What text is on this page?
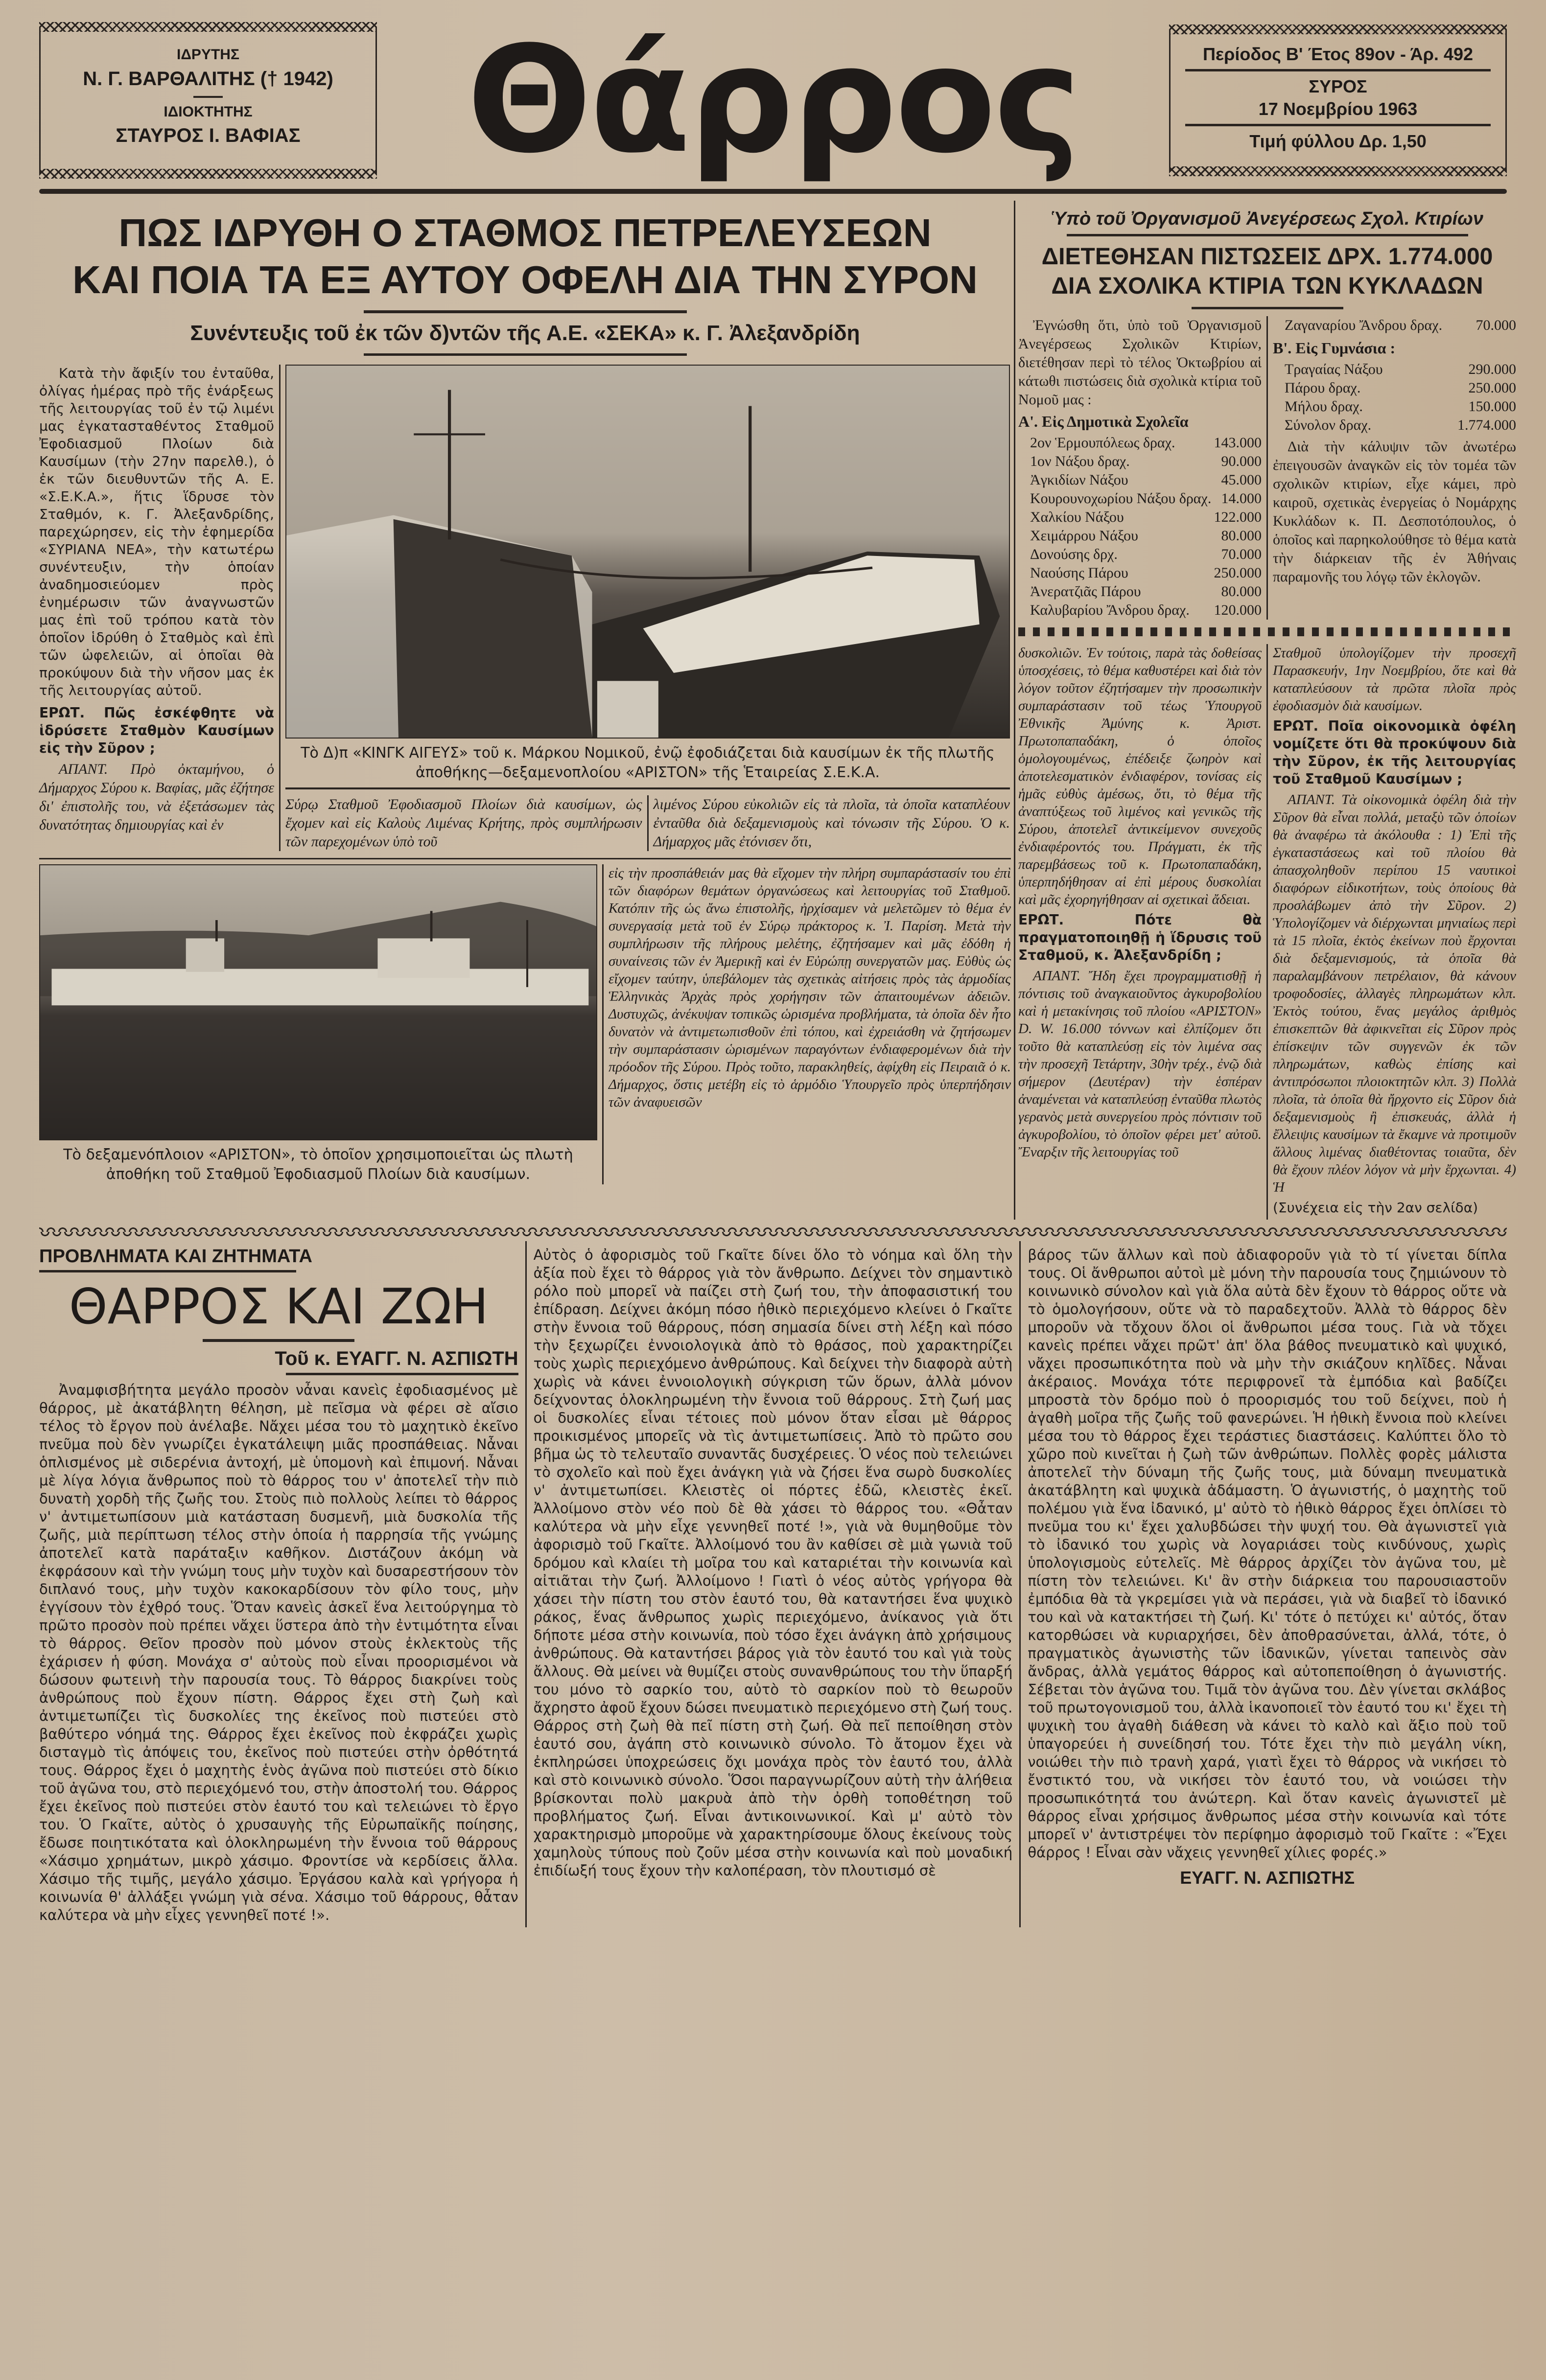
ΙΔΡΥΤΗΣ
Ν. Γ. ΒΑΡΘΑΛΙΤΗΣ († 1942)
ΙΔΙΟΚΤΗΤΗΣ
ΣΤΑΥΡΟΣ Ι. ΒΑΦΙΑΣ	Θάρρος	Περίοδος Β' Έτος 89ον - Άρ. 492
ΣΥΡΟΣ
17 Νοεμβρίου 1963
Τιμή φύλλου Δρ. 1,50
ΠΩΣ ΙΔΡΥΘΗ Ο ΣΤΑΘΜΟΣ ΠΕΤΡΕΛΕΥΣΕΩΝ
ΚΑΙ ΠΟΙΑ ΤΑ ΕΞ ΑΥΤΟΥ ΟΦΕΛΗ ΔΙΑ ΤΗΝ ΣΥΡΟΝ
Συνέντευξις τοῦ ἐκ τῶν δ)ντῶν τῆς Α.Ε. «ΣΕΚΑ» κ. Γ. Ἀλεξανδρίδη

Κατὰ τὴν ἄφιξίν του ἐνταῦθα, ὀλίγας ἡμέρας πρὸ τῆς ἐνάρξεως τῆς λειτουργίας τοῦ ἐν τῷ λιμένι μας ἐγκατασταθέντος Σταθμοῦ Ἐφοδιασμοῦ Πλοίων διὰ Καυσίμων (τὴν 27ην παρελθ.), ὁ ἐκ τῶν διευθυντῶν τῆς Α. Ε. «Σ.Ε.Κ.Α.», ἥτις ἵδρυσε τὸν Σταθμόν, κ. Γ. Ἀλεξανδρίδης, παρεχώρησεν, εἰς τὴν ἐφημερίδα «ΣΥΡΙΑΝΑ ΝΕΑ», τὴν κατωτέρω συνέντευξιν, τὴν ὁποίαν ἀναδημοσιεύομεν πρὸς ἐνημέρωσιν τῶν ἀναγνωστῶν μας ἐπὶ τοῦ τρόπου κατὰ τὸν ὁποῖον ἱδρύθη ὁ Σταθμὸς καὶ ἐπὶ τῶν ὠφελειῶν, αἱ ὁποῖαι θὰ προκύψουν διὰ τὴν νῆσον μας ἐκ τῆς λειτουργίας αὐτοῦ.

ΕΡΩΤ. Πῶς ἐσκέφθητε νὰ ἱδρύσετε Σταθμὸν Καυσίμων εἰς τὴν Σῦρον ;

ΑΠΑΝΤ. Πρὸ ὀκταμήνου, ὁ Δήμαρχος Σύρου κ. Βαφίας, μᾶς ἐζήτησε δι' ἐπιστολῆς του, νὰ ἐξετάσωμεν τὰς δυνατότητας δημιουργίας καὶ ἐν

Τὸ Δ)π «ΚΙΝΓΚ ΑΙΓΕΥΣ» τοῦ κ. Μάρκου Νομικοῦ, ἐνῷ ἐφοδιάζεται διὰ καυσίμων ἐκ τῆς πλωτῆς ἀποθήκης—δεξαμενοπλοίου «ΑΡΙΣΤΟΝ» τῆς Ἑταιρείας Σ.Ε.Κ.Α.
Σύρῳ Σταθμοῦ Ἐφοδιασμοῦ Πλοίων διὰ καυσίμων, ὡς ἔχομεν καὶ εἰς Καλοὺς Λιμένας Κρήτης, πρὸς συμπλήρωσιν τῶν παρεχομένων ὑπὸ τοῦ
λιμένος Σύρου εὐκολιῶν εἰς τὰ πλοῖα, τὰ ὁποῖα καταπλέουν ἐνταῦθα διὰ δεξαμενισμοὺς καὶ τόνωσιν τῆς Σύρου. Ὁ κ. Δήμαρχος μᾶς ἐτόνισεν ὅτι,
Τὸ δεξαμενόπλοιον «ΑΡΙΣΤΟΝ», τὸ ὁποῖον χρησιμοποιεῖται ὡς πλωτὴ ἀποθήκη τοῦ Σταθμοῦ Ἐφοδιασμοῦ Πλοίων διὰ καυσίμων.
εἰς τὴν προσπάθειάν μας θὰ εἴχομεν τὴν πλήρη συμπαράστασίν του ἐπὶ τῶν διαφόρων θεμάτων ὀργανώσεως καὶ λειτουργίας τοῦ Σταθμοῦ. Κατόπιν τῆς ὡς ἄνω ἐπιστολῆς, ἠρχίσαμεν νὰ μελετῶμεν τὸ θέμα ἐν συνεργασίᾳ μετὰ τοῦ ἐν Σύρῳ πράκτορος κ. Ἰ. Παρίση. Μετὰ τὴν συμπλήρωσιν τῆς πλήρους μελέτης, ἐζητήσαμεν καὶ μᾶς ἐδόθη ἡ συναίνεσις τῶν ἐν Ἀμερικῇ καὶ ἐν Εὐρώπῃ συνεργατῶν μας. Εὐθὺς ὡς εἴχομεν ταύτην, ὑπεβάλομεν τὰς σχετικὰς αἰτήσεις πρὸς τὰς ἁρμοδίας Ἑλληνικὰς Ἀρχὰς πρὸς χορήγησιν τῶν ἀπαιτουμένων ἀδειῶν. Δυστυχῶς, ἀνέκυψαν τοπικῶς ὡρισμένα προβλήματα, τὰ ὁποῖα δὲν ἦτο δυνατὸν νὰ ἀντιμετωπισθοῦν ἐπὶ τόπου, καὶ ἐχρειάσθη νὰ ζητήσωμεν τὴν συμπαράστασιν ὡρισμένων παραγόντων ἐνδιαφερομένων διὰ τὴν πρόοδον τῆς Σύρου. Πρὸς τοῦτο, παρακληθείς, ἀφίχθη εἰς Πειραιᾶ ὁ κ. Δήμαρχος, ὅστις μετέβη εἰς τὸ ἁρμόδιο Ὑπουργεῖο πρὸς ὑπερπήδησιν τῶν ἀναφυεισῶν
Ὑπὸ τοῦ Ὀργανισμοῦ Ἀνεγέρσεως Σχολ. Κτιρίων
ΔΙΕΤΕΘΗΣΑΝ ΠΙΣΤΩΣΕΙΣ ΔΡΧ. 1.774.000
ΔΙΑ ΣΧΟΛΙΚΑ ΚΤΙΡΙΑ ΤΩΝ ΚΥΚΛΑΔΩΝ

Ἐγνώσθη ὅτι, ὑπὸ τοῦ Ὀργανισμοῦ Ἀνεγέρσεως Σχολικῶν Κτιρίων, διετέθησαν περὶ τὸ τέλος Ὀκτωβρίου αἱ κάτωθι πιστώσεις διὰ σχολικὰ κτίρια τοῦ Νομοῦ μας :

Α'. Εἰς Δημοτικὰ Σχολεῖα

2ον Ἑρμουπόλεως δραχ.	143.000
1ον Νάξου δραχ.	90.000
Ἀγκιδίων Νάξου	45.000
Κουρουνοχωρίου Νάξου δραχ. 14.000
Χαλκίου Νάξου	122.000
Χειμάρρου Νάξου	80.000
Δονούσης δρχ.	70.000
Ναούσης Πάρου	250.000
Ἀνερατζιᾶς Πάρου	80.000
Καλυβαρίου Ἄνδρου δραχ. 120.000
Ζαγαναρίου Ἄνδρου δραχ. 70.000

Β'. Εἰς Γυμνάσια :

Τραγαίας Νάξου	290.000
Πάρου δραχ.	250.000
Μήλου δραχ.	150.000
Σύνολον δραχ.	1.774.000

Διὰ τὴν κάλυψιν τῶν ἀνωτέρω ἐπειγουσῶν ἀναγκῶν εἰς τὸν τομέα τῶν σχολικῶν κτιρίων, εἶχε κάμει, πρὸ καιροῦ, σχετικὰς ἐνεργείας ὁ Νομάρχης Κυκλάδων κ. Π. Δεσποτόπουλος, ὁ ὁποῖος καὶ παρηκολούθησε τὸ θέμα κατὰ τὴν διάρκειαν τῆς ἐν Ἀθήναις παραμονῆς του λόγῳ τῶν ἐκλογῶν.

δυσκολιῶν. Ἐν τούτοις, παρὰ τὰς δοθείσας ὑποσχέσεις, τὸ θέμα καθυστέρει καὶ διὰ τὸν λόγον τοῦτον ἐζητήσαμεν τὴν προσωπικὴν συμπαράστασιν τοῦ τέως Ὑπουργοῦ Ἐθνικῆς Ἀμύνης κ. Ἀριστ. Πρωτοπαπαδάκη, ὁ ὁποῖος ὁμολογουμένως, ἐπέδειξε ζωηρὸν καὶ ἀποτελεσματικὸν ἐνδιαφέρον, τονίσας εἰς ἡμᾶς εὐθὺς ἀμέσως, ὅτι, τὸ θέμα τῆς ἀναπτύξεως τοῦ λιμένος καὶ γενικῶς τῆς Σύρου, ἀποτελεῖ ἀντικείμενον συνεχοῦς ἐνδιαφέροντός του. Πράγματι, ἐκ τῆς παρεμβάσεως τοῦ κ. Πρωτοπαπαδάκη, ὑπερπηδήθησαν αἱ ἐπὶ μέρους δυσκολίαι καὶ μᾶς ἐχορηγήθησαν αἱ σχετικαὶ ἄδειαι.

ΕΡΩΤ. Πότε θὰ πραγματοποιηθῇ ἡ ἵδρυσις τοῦ Σταθμοῦ, κ. Ἀλεξανδρίδη ;

ΑΠΑΝΤ. Ἤδη ἔχει προγραμματισθῇ ἡ πόντισις τοῦ ἀναγκαιοῦντος ἀγκυροβολίου καὶ ἡ μετακίνησις τοῦ πλοίου «ΑΡΙΣΤΟΝ» D. W. 16.000 τόννων καὶ ἐλπίζομεν ὅτι τοῦτο θὰ καταπλεύσῃ εἰς τὸν λιμένα σας τὴν προσεχῆ Τετάρτην, 30ὴν τρέχ., ἐνῷ διὰ σήμερον (Δευτέραν) τὴν ἑσπέραν ἀναμένεται νὰ καταπλεύσῃ ἐνταῦθα πλωτὸς γερανὸς μετὰ συνεργείου πρὸς πόντισιν τοῦ ἀγκυροβολίου, τὸ ὁποῖον φέρει μετ' αὐτοῦ. Ἔναρξιν τῆς λειτουργίας τοῦ

Σταθμοῦ ὑπολογίζομεν τὴν προσεχῆ Παρασκευήν, 1ην Νοεμβρίου, ὅτε καὶ θὰ καταπλεύσουν τὰ πρῶτα πλοῖα πρὸς ἐφοδιασμὸν διὰ καυσίμων.

ΕΡΩΤ. Ποῖα οἰκονομικὰ ὀφέλη νομίζετε ὅτι θὰ προκύψουν διὰ τὴν Σῦρον, ἐκ τῆς λειτουργίας τοῦ Σταθμοῦ Καυσίμων ;

ΑΠΑΝΤ. Τὰ οἰκονομικὰ ὀφέλη διὰ τὴν Σῦρον θὰ εἶναι πολλά, μεταξὺ τῶν ὁποίων θὰ ἀναφέρω τὰ ἀκόλουθα : 1) Ἐπὶ τῆς ἐγκαταστάσεως καὶ τοῦ πλοίου θὰ ἀπασχοληθοῦν περίπου 15 ναυτικοὶ διαφόρων εἰδικοτήτων, τοὺς ὁποίους θὰ προσλάβωμεν ἀπὸ τὴν Σῦρον. 2) Ὑπολογίζομεν νὰ διέρχωνται μηνιαίως περὶ τὰ 15 πλοῖα, ἐκτὸς ἐκείνων ποὺ ἔρχονται διὰ δεξαμενισμούς, τὰ ὁποῖα θὰ παραλαμβάνουν πετρέλαιον, θὰ κάνουν τροφοδοσίες, ἀλλαγὲς πληρωμάτων κλπ. Ἐκτὸς τούτου, ἕνας μεγάλος ἀριθμὸς ἐπισκεπτῶν θὰ ἀφικνεῖται εἰς Σῦρον πρὸς ἐπίσκεψιν τῶν συγγενῶν ἐκ τῶν πληρωμάτων, καθὼς ἐπίσης καὶ ἀντιπρόσωποι πλοιοκτητῶν κλπ. 3) Πολλὰ πλοῖα, τὰ ὁποῖα θὰ ἤρχοντο εἰς Σῦρον διὰ δεξαμενισμοὺς ἢ ἐπισκευάς, ἀλλὰ ἡ ἔλλειψις καυσίμων τὰ ἔκαμνε νὰ προτιμοῦν ἄλλους λιμένας διαθέτοντας τοιαῦτα, δὲν θὰ ἔχουν πλέον λόγον νὰ μὴν ἔρχωνται. 4) Ἡ

(Συνέχεια εἰς τὴν 2αν σελίδα)

ΠΡΟΒΛΗΜΑΤΑ ΚΑΙ ΖΗΤΗΜΑΤΑ
ΘΑΡΡΟΣ ΚΑΙ ΖΩΗ
Τοῦ κ. ΕΥΑΓΓ. Ν. ΑΣΠΙΩΤΗ

Ἀναμφισβήτητα μεγάλο προσὸν νἆναι κανεὶς ἐφοδιασμένος μὲ θάρρος, μὲ ἀκατάβλητη θέληση, μὲ πεῖσμα νὰ φέρει σὲ αἴσιο τέλος τὸ ἔργον ποὺ ἀνέλαβε. Νἄχει μέσα του τὸ μαχητικὸ ἐκεῖνο πνεῦμα ποὺ δὲν γνωρίζει ἐγκατάλειψη μιᾶς προσπάθειας. Νἆναι ὁπλισμένος μὲ σιδερένια ἀντοχή, μὲ ὑπομονὴ καὶ ἐπιμονή. Νἆναι μὲ λίγα λόγια ἄνθρωπος ποὺ τὸ θάρρος του ν' ἀποτελεῖ τὴν πιὸ δυνατὴ χορδὴ τῆς ζωῆς του. Στοὺς πιὸ πολλοὺς λείπει τὸ θάρρος ν' ἀντιμετωπίσουν μιὰ κατάσταση δυσμενῆ, μιὰ δυσκολία τῆς ζωῆς, μιὰ περίπτωση τέλος στὴν ὁποία ἡ παρρησία τῆς γνώμης ἀποτελεῖ κατὰ παράταξιν καθῆκον. Διστάζουν ἀκόμη νὰ ἐκφράσουν καὶ τὴν γνώμη τους μὴν τυχὸν καὶ δυσαρεστήσουν τὸν διπλανό τους, μὴν τυχὸν κακοκαρδίσουν τὸν φίλο τους, μὴν ἐγγίσουν τὸν ἐχθρό τους. Ὅταν κανεὶς ἀσκεῖ ἕνα λειτούργημα τὸ πρῶτο προσὸν ποὺ πρέπει νἄχει ὕστερα ἀπὸ τὴν ἐντιμότητα εἶναι τὸ θάρρος. Θεῖον προσὸν ποὺ μόνον στοὺς ἐκλεκτοὺς τῆς ἐχάρισεν ἡ φύση. Μονάχα σ' αὐτοὺς ποὺ εἶναι προορισμένοι νὰ δώσουν φωτεινὴ τὴν παρουσία τους. Τὸ θάρρος διακρίνει τοὺς ἀνθρώπους ποὺ ἔχουν πίστη. Θάρρος ἔχει στὴ ζωὴ καὶ ἀντιμετωπίζει τὶς δυσκολίες της ἐκεῖνος ποὺ πιστεύει στὸ βαθύτερο νόημά της. Θάρρος ἔχει ἐκεῖνος ποὺ ἐκφράζει χωρὶς δισταγμὸ τὶς ἀπόψεις του, ἐκεῖνος ποὺ πιστεύει στὴν ὀρθότητά τους. Θάρρος ἔχει ὁ μαχητὴς ἑνὸς ἀγῶνα ποὺ πιστεύει στὸ δίκιο τοῦ ἀγῶνα του, στὸ περιεχόμενό του, στὴν ἀποστολή του. Θάρρος ἔχει ἐκεῖνος ποὺ πιστεύει στὸν ἑαυτό του καὶ τελειώνει τὸ ἔργο του. Ὁ Γκαῖτε, αὐτὸς ὁ χρυσαυγὴς τῆς Εὐρωπαϊκῆς ποίησης, ἔδωσε ποιητικότατα καὶ ὁλοκληρωμένη τὴν ἔννοια τοῦ θάρρους «Χάσιμο χρημάτων, μικρὸ χάσιμο. Φροντίσε νὰ κερδίσεις ἄλλα. Χάσιμο τῆς τιμῆς, μεγάλο χάσιμο. Ἐργάσου καλὰ καὶ γρήγορα ἡ κοινωνία θ' ἀλλάξει γνώμη γιὰ σένα. Χάσιμο τοῦ θάρρους, θἆταν καλύτερα νὰ μὴν εἶχες γεννηθεῖ ποτέ !».

Αὐτὸς ὁ ἀφορισμὸς τοῦ Γκαῖτε δίνει ὅλο τὸ νόημα καὶ ὅλη τὴν ἀξία ποὺ ἔχει τὸ θάρρος γιὰ τὸν ἄνθρωπο. Δείχνει τὸν σημαντικὸ ρόλο ποὺ μπορεῖ νὰ παίζει στὴ ζωή του, τὴν ἀποφασιστική του ἐπίδραση. Δείχνει ἀκόμη πόσο ἠθικὸ περιεχόμενο κλείνει ὁ Γκαῖτε στὴν ἔννοια τοῦ θάρρους, πόση σημασία δίνει στὴ λέξη καὶ πόσο τὴν ξεχωρίζει ἐννοιολογικὰ ἀπὸ τὸ θράσος, ποὺ χαρακτηρίζει τοὺς χωρὶς περιεχόμενο ἀνθρώπους. Καὶ δείχνει τὴν διαφορὰ αὐτὴ χωρὶς νὰ κάνει ἐννοιολογικὴ σύγκριση τῶν ὅρων, ἀλλὰ μόνον δείχνοντας ὁλοκληρωμένη τὴν ἔννοια τοῦ θάρρους. Στὴ ζωή μας οἱ δυσκολίες εἶναι τέτοιες ποὺ μόνον ὅταν εἶσαι μὲ θάρρος προικισμένος μπορεῖς νὰ τὶς ἀντιμετωπίσεις. Ἀπὸ τὸ πρῶτο σου βῆμα ὡς τὸ τελευταῖο συναντᾶς δυσχέρειες. Ὁ νέος ποὺ τελειώνει τὸ σχολεῖο καὶ ποὺ ἔχει ἀνάγκη γιὰ νὰ ζήσει ἕνα σωρὸ δυσκολίες ν' ἀντιμετωπίσει. Κλειστὲς οἱ πόρτες ἐδῶ, κλειστὲς ἐκεῖ. Ἀλλοίμονο στὸν νέο ποὺ δὲ θὰ χάσει τὸ θάρρος του. «Θἆταν καλύτερα νὰ μὴν εἶχε γεννηθεῖ ποτέ !», γιὰ νὰ θυμηθοῦμε τὸν ἀφορισμὸ τοῦ Γκαῖτε. Ἀλλοίμονό του ἂν καθίσει σὲ μιὰ γωνιὰ τοῦ δρόμου καὶ κλαίει τὴ μοῖρα του καὶ καταριέται τὴν κοινωνία καὶ αἰτιᾶται τὴν ζωή. Ἀλλοίμονο ! Γιατὶ ὁ νέος αὐτὸς γρήγορα θὰ χάσει τὴν πίστη του στὸν ἑαυτό του, θὰ καταντήσει ἕνα ψυχικὸ ράκος, ἕνας ἄνθρωπος χωρὶς περιεχόμενο, ἀνίκανος γιὰ ὅτι δήποτε μέσα στὴν κοινωνία, ποὺ τόσο ἔχει ἀνάγκη ἀπὸ χρήσιμους ἀνθρώπους. Θὰ καταντήσει βάρος γιὰ τὸν ἑαυτό του καὶ γιὰ τοὺς ἄλλους. Θὰ μείνει νὰ θυμίζει στοὺς συνανθρώπους του τὴν ὕπαρξή του μόνο τὸ σαρκίο του, αὐτὸ τὸ σαρκίον ποὺ τὸ θεωροῦν ἄχρηστο ἀφοῦ ἔχουν δώσει πνευματικὸ περιεχόμενο στὴ ζωή τους. Θάρρος στὴ ζωὴ θὰ πεῖ πίστη στὴ ζωή. Θὰ πεῖ πεποίθηση στὸν ἑαυτό σου, ἀγάπη στὸ κοινωνικὸ σύνολο. Τὸ ἄτομον ἔχει νὰ ἐκπληρώσει ὑποχρεώσεις ὄχι μονάχα πρὸς τὸν ἑαυτό του, ἀλλὰ καὶ στὸ κοινωνικὸ σύνολο. Ὅσοι παραγνωρίζουν αὐτὴ τὴν ἀλήθεια βρίσκονται πολὺ μακρυὰ ἀπὸ τὴν ὀρθὴ τοποθέτηση τοῦ προβλήματος ζωή. Εἶναι ἀντικοινωνικοί. Καὶ μ' αὐτὸ τὸν χαρακτηρισμὸ μποροῦμε νὰ χαρακτηρίσουμε ὅλους ἐκείνους τοὺς χαμηλοὺς τύπους ποὺ ζοῦν μέσα στὴν κοινωνία καὶ ποὺ μοναδική ἐπιδίωξή τους ἔχουν τὴν καλοπέραση, τὸν πλουτισμό σὲ

βάρος τῶν ἄλλων καὶ ποὺ ἀδιαφοροῦν γιὰ τὸ τί γίνεται δίπλα τους. Οἱ ἄνθρωποι αὐτοὶ μὲ μόνη τὴν παρουσία τους ζημιώνουν τὸ κοινωνικὸ σύνολον καὶ γιὰ ὅλα αὐτὰ δὲν ἔχουν τὸ θάρρος οὔτε νὰ τὸ ὁμολογήσουν, οὔτε νὰ τὸ παραδεχτοῦν. Ἀλλὰ τὸ θάρρος δὲν μποροῦν νὰ τὄχουν ὅλοι οἱ ἄνθρωποι μέσα τους. Γιὰ νὰ τὄχει κανεὶς πρέπει νἄχει πρῶτ' ἀπ' ὅλα βάθος πνευματικὸ καὶ ψυχικό, νἄχει προσωπικότητα ποὺ νὰ μὴν τὴν σκιάζουν κηλῖδες. Νἆναι ἀκέραιος. Μονάχα τότε περιφρονεῖ τὰ ἐμπόδια καὶ βαδίζει μπροστὰ τὸν δρόμο ποὺ ὁ προορισμός του τοῦ δείχνει, ποὺ ἡ ἀγαθὴ μοῖρα τῆς ζωῆς τοῦ φανερώνει. Ἡ ἠθικὴ ἔννοια ποὺ κλείνει μέσα του τὸ θάρρος ἔχει τεράστιες διαστάσεις. Καλύπτει ὅλο τὸ χῶρο ποὺ κινεῖται ἡ ζωὴ τῶν ἀνθρώπων. Πολλὲς φορὲς μάλιστα ἀποτελεῖ τὴν δύναμη τῆς ζωῆς τους, μιὰ δύναμη πνευματικὰ ἀκατάβλητη καὶ ψυχικὰ ἀδάμαστη. Ὁ ἀγωνιστής, ὁ μαχητὴς τοῦ πολέμου γιὰ ἕνα ἰδανικό, μ' αὐτὸ τὸ ἠθικὸ θάρρος ἔχει ὁπλίσει τὸ πνεῦμα του κι' ἔχει χαλυβδώσει τὴν ψυχή του. Θὰ ἀγωνιστεῖ γιὰ τὸ ἰδανικό του χωρὶς νὰ λογαριάσει τοὺς κινδύνους, χωρὶς ὑπολογισμοὺς εὐτελεῖς. Μὲ θάρρος ἀρχίζει τὸν ἀγῶνα του, μὲ πίστη τὸν τελειώνει. Κι' ἂν στὴν διάρκεια του παρουσιαστοῦν ἐμπόδια θὰ τὰ γκρεμίσει γιὰ νὰ περάσει, γιὰ νὰ διαβεῖ τὸ ἰδανικό του καὶ νὰ κατακτήσει τὴ ζωή. Κι' τότε ὁ πετύχει κι' αὐτός, ὅταν κατορθώσει νὰ κυριαρχήσει, δὲν ἀποθρασύνεται, ἀλλά, τότε, ὁ πραγματικὸς ἀγωνιστὴς τῶν ἰδανικῶν, γίνεται ταπεινὸς σὰν ἄνδρας, ἀλλὰ γεμάτος θάρρος καὶ αὐτοπεποίθηση ὁ ἀγωνιστής. Σέβεται τὸν ἀγῶνα του. Τιμᾶ τὸν ἀγῶνα του. Δὲν γίνεται σκλάβος τοῦ πρωτογονισμοῦ του, ἀλλὰ ἱκανοποιεῖ τὸν ἑαυτό του κι' ἔχει τὴ ψυχικὴ του ἀγαθὴ διάθεση νὰ κάνει τὸ καλὸ καὶ ἄξιο ποὺ τοῦ ὑπαγορεύει ἡ συνείδησή του. Τότε ἔχει τὴν πιὸ μεγάλη νίκη, νοιώθει τὴν πιὸ τρανὴ χαρά, γιατὶ ἔχει τὸ θάρρος νὰ νικήσει τὸ ἔνστικτό του, νὰ νικήσει τὸν ἑαυτό του, νὰ νοιώσει τὴν προσωπικότητά του ἀνώτερη. Καὶ ὅταν κανεὶς ἀγωνιστεῖ μὲ θάρρος εἶναι χρήσιμος ἄνθρωπος μέσα στὴν κοινωνία καὶ τότε μπορεῖ ν' ἀντιστρέψει τὸν περίφημο ἀφορισμὸ τοῦ Γκαῖτε : «Ἔχει θάρρος ! Εἶναι σὰν νἄχεις γεννηθεῖ χίλιες φορές.»

ΕΥΑΓΓ. Ν. ΑΣΠΙΩΤΗΣ
